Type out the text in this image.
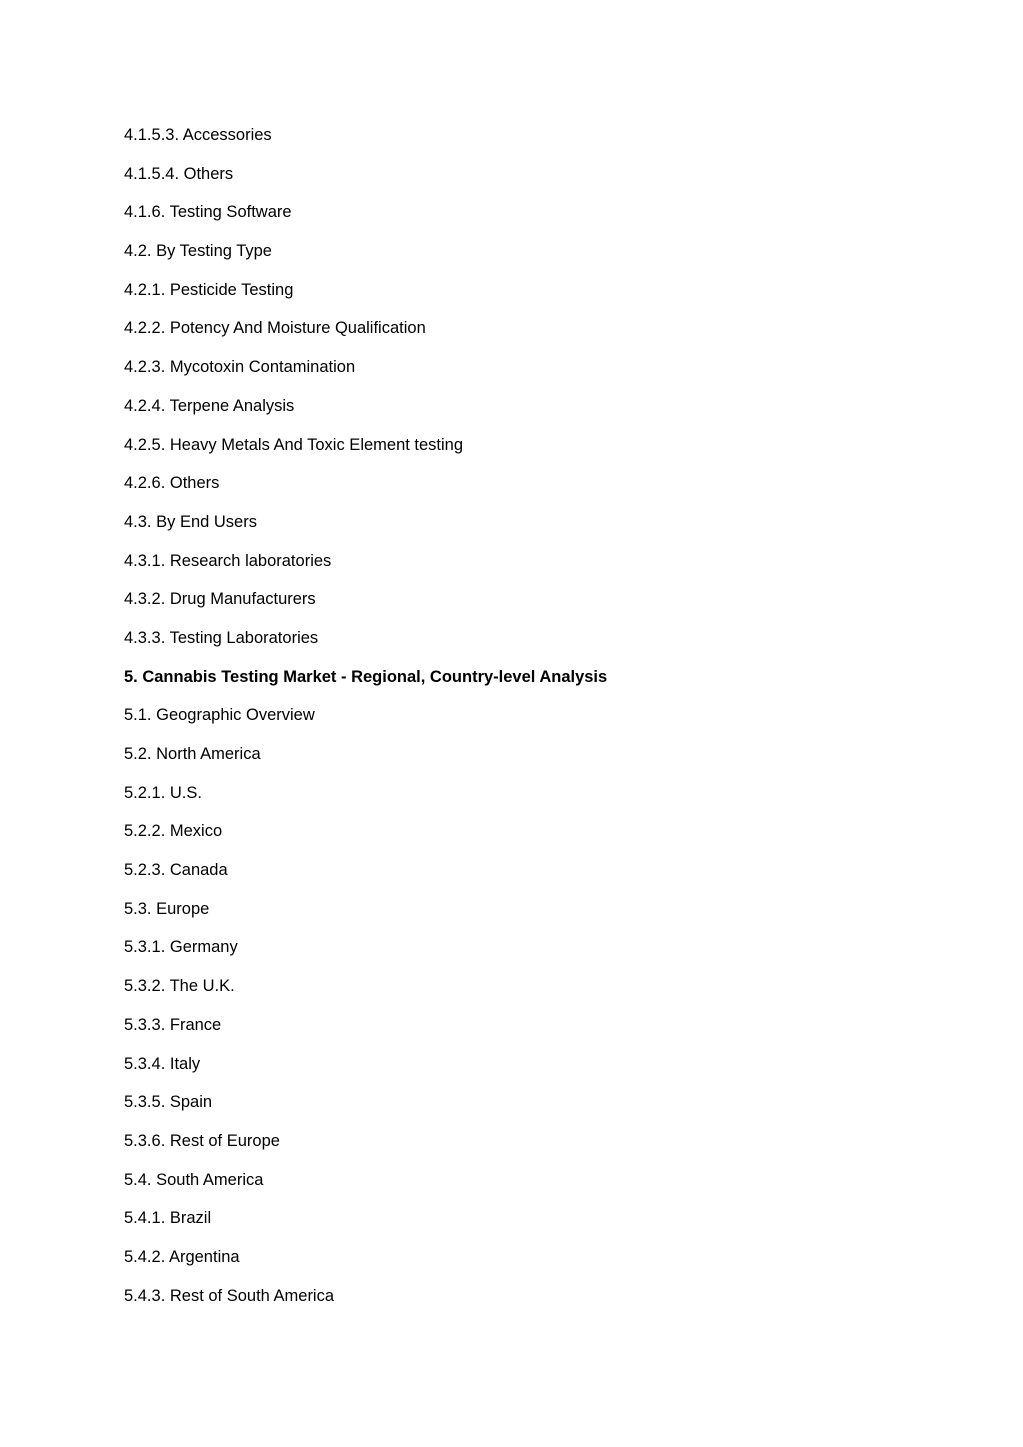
4.1.5.3. Accessories
4.1.5.4. Others
4.1.6. Testing Software
4.2. By Testing Type
4.2.1. Pesticide Testing
4.2.2. Potency And Moisture Qualification
4.2.3. Mycotoxin Contamination
4.2.4. Terpene Analysis
4.2.5. Heavy Metals And Toxic Element testing
4.2.6. Others
4.3. By End Users
4.3.1. Research laboratories
4.3.2. Drug Manufacturers
4.3.3. Testing Laboratories
5. Cannabis Testing Market - Regional, Country-level Analysis
5.1. Geographic Overview
5.2. North America
5.2.1. U.S.
5.2.2. Mexico
5.2.3. Canada
5.3. Europe
5.3.1. Germany
5.3.2. The U.K.
5.3.3. France
5.3.4. Italy
5.3.5. Spain
5.3.6. Rest of Europe
5.4. South America
5.4.1. Brazil
5.4.2. Argentina
5.4.3. Rest of South America
